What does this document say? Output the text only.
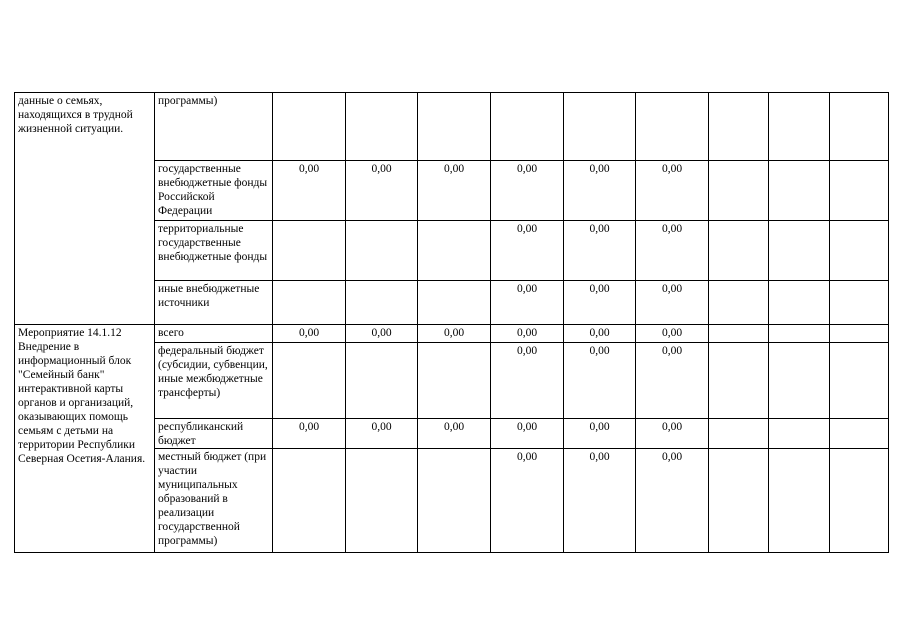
данные о семьях, находящихся в трудной жизненной ситуации.	программы)									
	государственные внебюджетные фонды Российской Федерации	0,00	0,00	0,00	0,00	0,00	0,00			
	территориальные государственные внебюджетные фонды				0,00	0,00	0,00			
	иные внебюджетные источники				0,00	0,00	0,00			
Мероприятие 14.1.12 Внедрение в информационный блок "Семейный банк" интерактивной карты органов и организаций, оказывающих помощь семьям с детьми на территории Республики Северная Осетия-Алания.	всего	0,00	0,00	0,00	0,00	0,00	0,00			
	федеральный бюджет (субсидии, субвенции, иные межбюджетные трансферты)				0,00	0,00	0,00			
	республиканский бюджет	0,00	0,00	0,00	0,00	0,00	0,00			
	местный бюджет (при участии муниципальных образований в реализации государственной программы)				0,00	0,00	0,00			
